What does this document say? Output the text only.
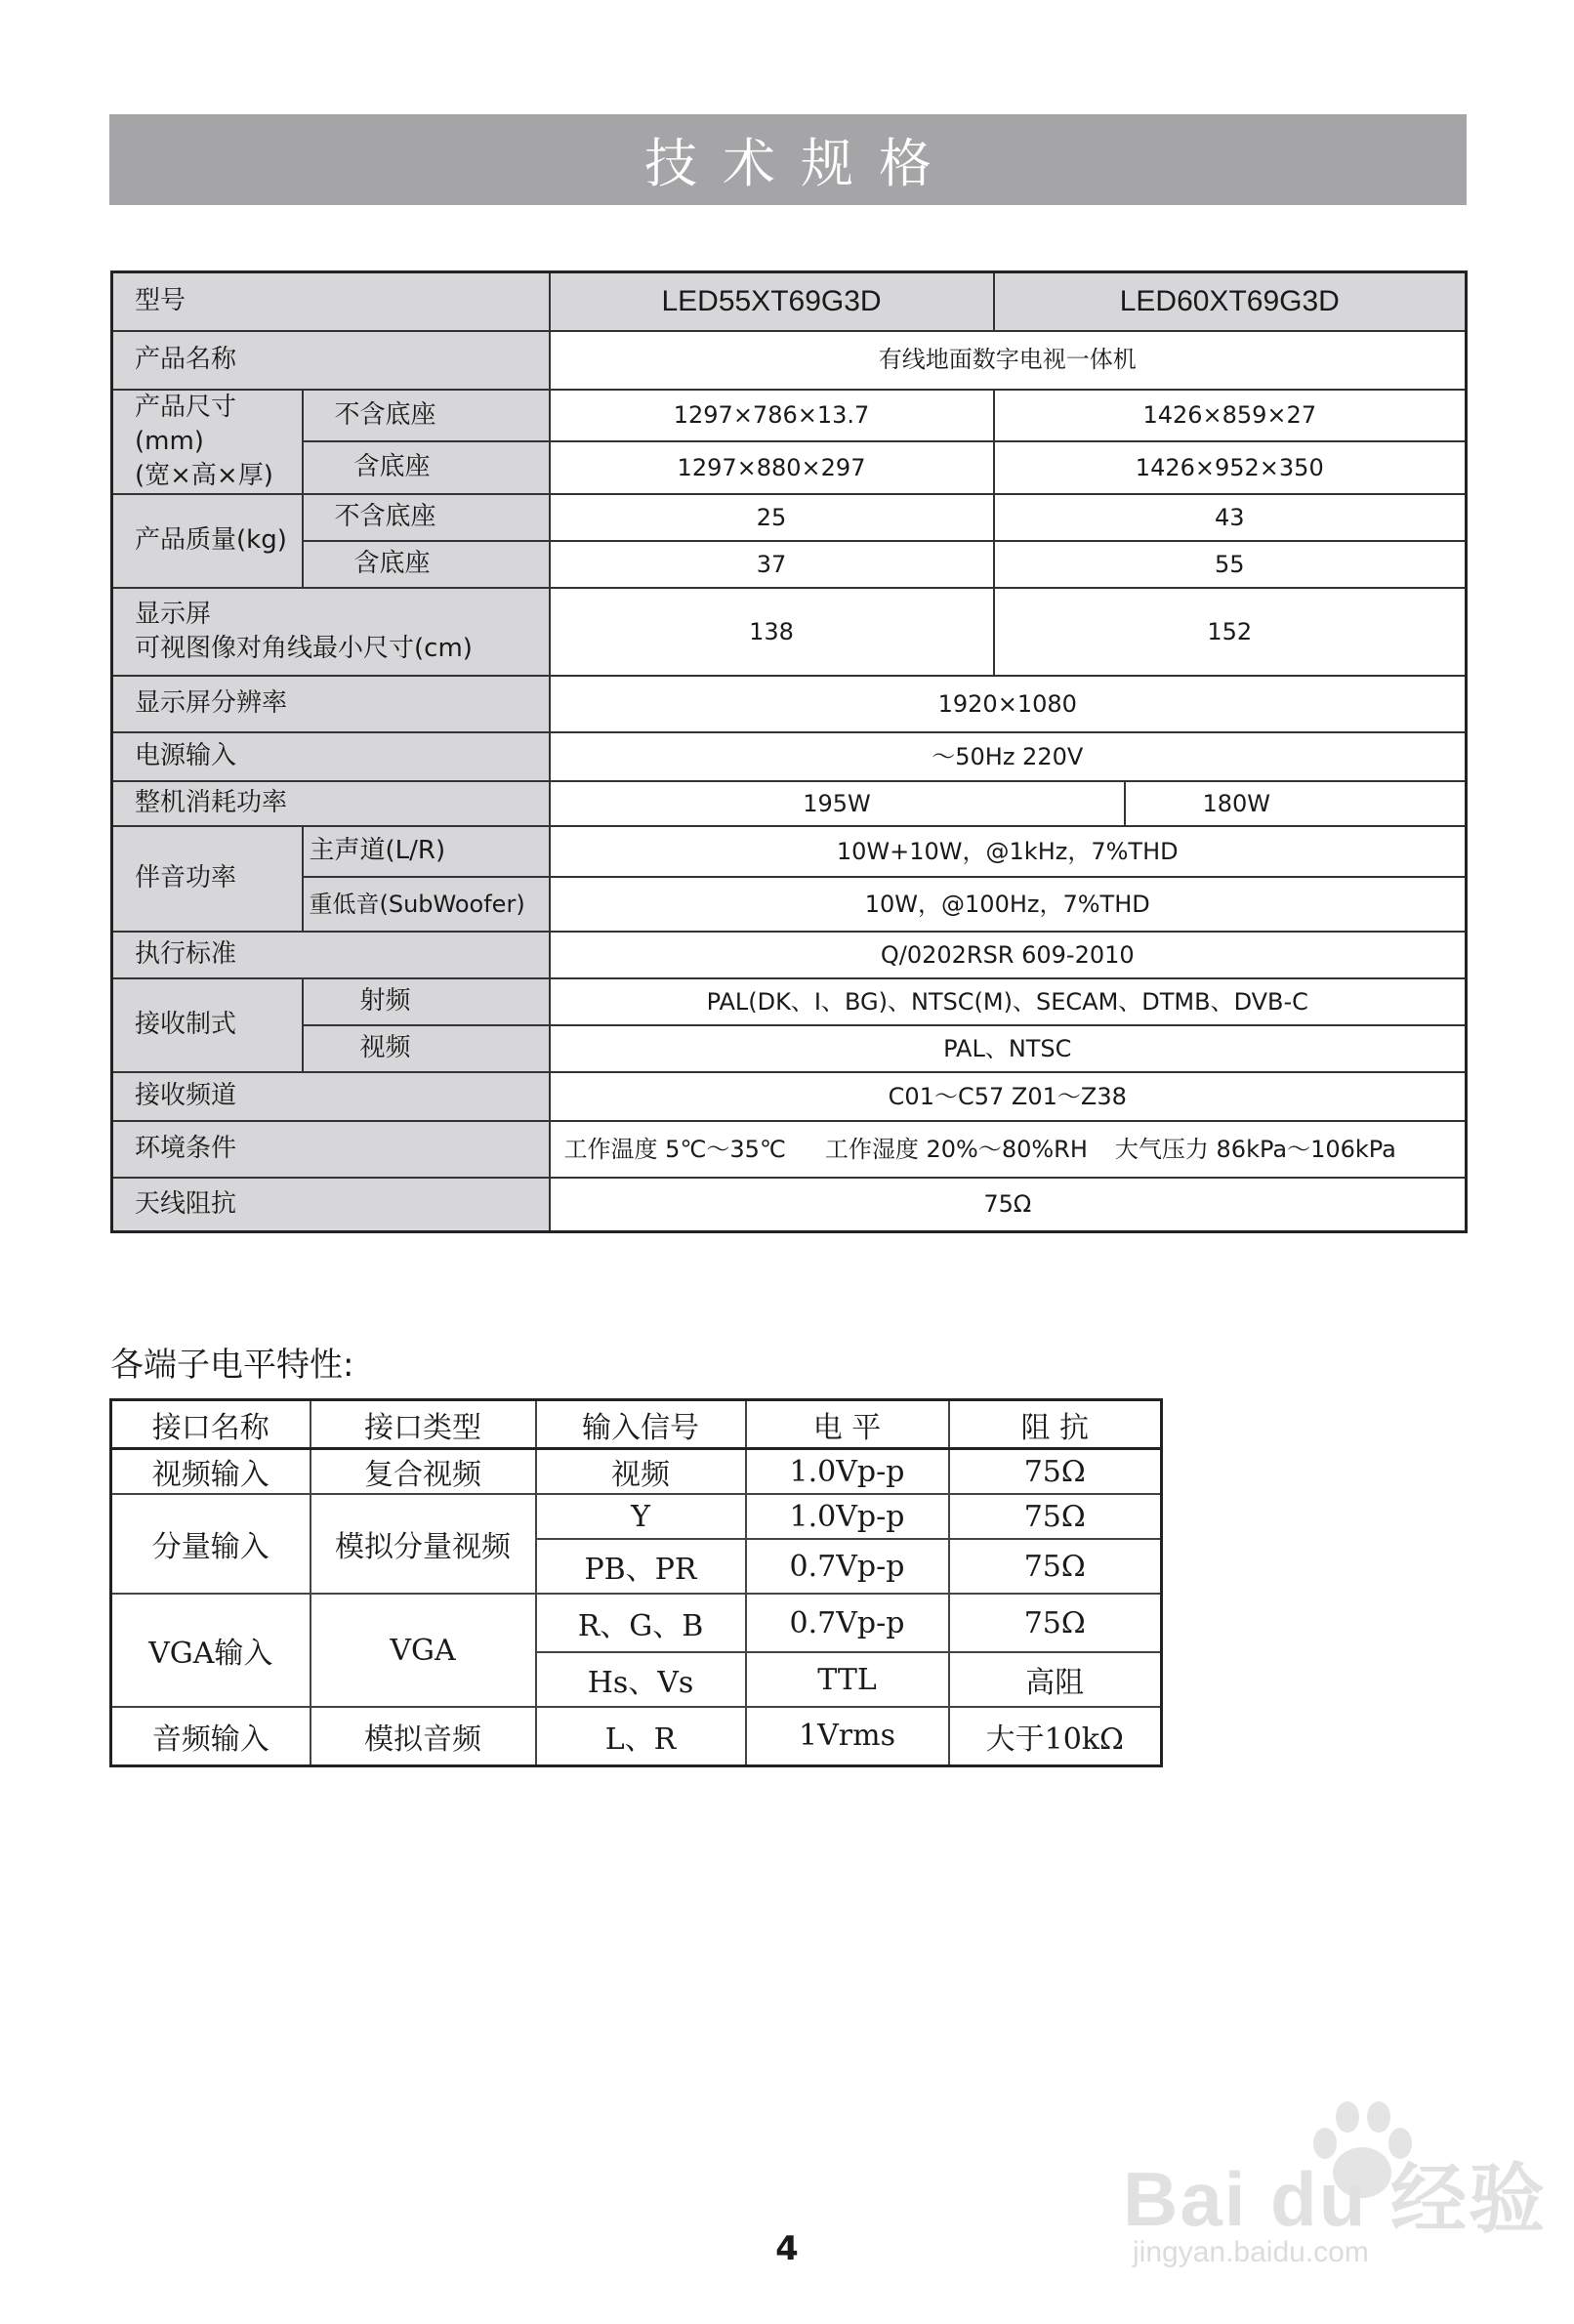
技术规格
型号		LED55XT69G3D	LED60XT69G3D
产品名称		有线地面数字电视一体机	

产品尺寸(mm)
(宽×高×厚)	不含底座	1297×786×13.7	1426×859×27
	含底座	1297×880×297	1426×952×350
产品质量(kg)	不含底座	25	43
	含底座	37	55

显示屏
可视图像对角线最小尺寸(cm)		138	152
显示屏分辨率		1920×1080	
电源输入		～50Hz 220V	
整机消耗功率		195W 180W	

伴音功率	主声道(L/R)	10W+10W，@1kHz，7%THD	
	重低音(SubWoofer)	10W，@100Hz，7%THD	
执行标准		Q/0202RSR 609-2010	
接收制式	射频	PAL(DK、I、BG)、NTSC(M)、SECAM、DTMB、DVB-C	
	视频	PAL、NTSC	
接收频道		C01～C57 Z01～Z38	
环境条件		工作温度 5℃～35℃ 工作湿度 20%～80%RH 大气压力 86kPa～106kPa	
天线阻抗		75Ω	
各端子电平特性:
接口名称	接口类型	输入信号	电 平	阻 抗
视频输入	复合视频	视频	1.0Vp-p	75Ω
分量输入	模拟分量视频	Y	1.0Vp-p	75Ω
		PB、PR	0.7Vp-p	75Ω
VGA输入	VGA	R、G、B	0.7Vp-p	75Ω
		Hs、Vs	TTL	高阻
音频输入	模拟音频	L、R	1Vrms	大于10kΩ
Bai du 经验
jingyan.baidu.com
4
